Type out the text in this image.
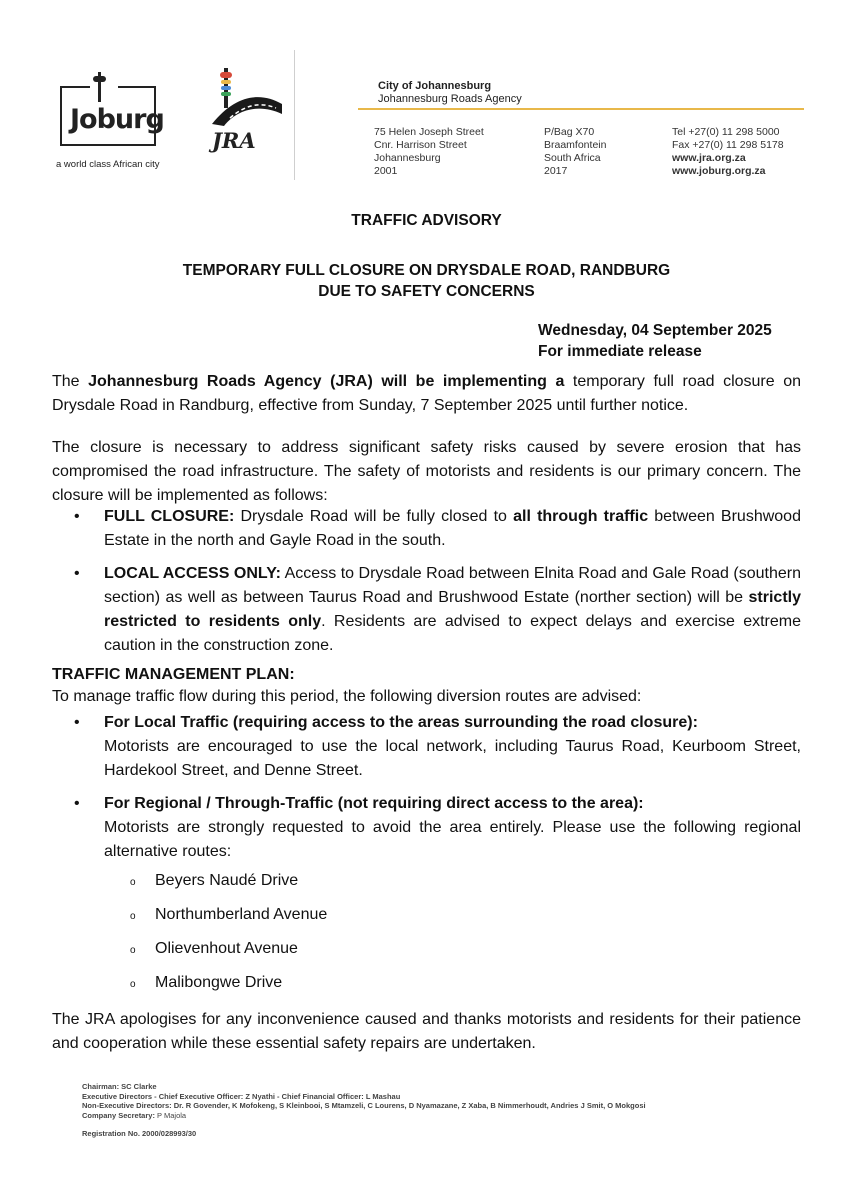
Joburg
a world class African city
JRA
City of Johannesburg
Johannesburg Roads Agency
75 Helen Joseph Street
Cnr. Harrison Street
Johannesburg
2001
P/Bag X70
Braamfontein
South Africa
2017
Tel +27(0) 11 298 5000
Fax +27(0) 11 298 5178
www.jra.org.za
www.joburg.org.za
TRAFFIC ADVISORY
TEMPORARY FULL CLOSURE ON DRYSDALE ROAD, RANDBURG
DUE TO SAFETY CONCERNS
Wednesday, 04 September 2025
For immediate release

The Johannesburg Roads Agency (JRA) will be implementing a temporary full road closure on Drysdale Road in Randburg, effective from Sunday, 7 September 2025 until further notice.

The closure is necessary to address significant safety risks caused by severe erosion that has compromised the road infrastructure. The safety of motorists and residents is our primary concern. The closure will be implemented as follows:

• FULL CLOSURE: Drysdale Road will be fully closed to all through traffic between Brushwood Estate in the north and Gayle Road in the south.
• LOCAL ACCESS ONLY: Access to Drysdale Road between Elnita Road and Gale Road (southern section) as well as between Taurus Road and Brushwood Estate (norther section) will be strictly restricted to residents only. Residents are advised to expect delays and exercise extreme caution in the construction zone.
TRAFFIC MANAGEMENT PLAN:
To manage traffic flow during this period, the following diversion routes are advised:
• For Local Traffic (requiring access to the areas surrounding the road closure):
Motorists are encouraged to use the local network, including Taurus Road, Keurboom Street, Hardekool Street, and Denne Street.
• For Regional / Through-Traffic (not requiring direct access to the area):
Motorists are strongly requested to avoid the area entirely. Please use the following regional alternative routes:
o Beyers Naudé Drive
o Northumberland Avenue
o Olievenhout Avenue
o Malibongwe Drive

The JRA apologises for any inconvenience caused and thanks motorists and residents for their patience and cooperation while these essential safety repairs are undertaken.

Chairman: SC Clarke
Executive Directors - Chief Executive Officer: Z Nyathi - Chief Financial Officer: L Mashau
Non-Executive Directors: Dr. R Govender, K Mofokeng, S Kleinbooi, S Mtamzeli, C Lourens, D Nyamazane, Z Xaba, B Nimmerhoudt, Andries J Smit, O Mokgosi
Company Secretary: P Majola
Registration No. 2000/028993/30
